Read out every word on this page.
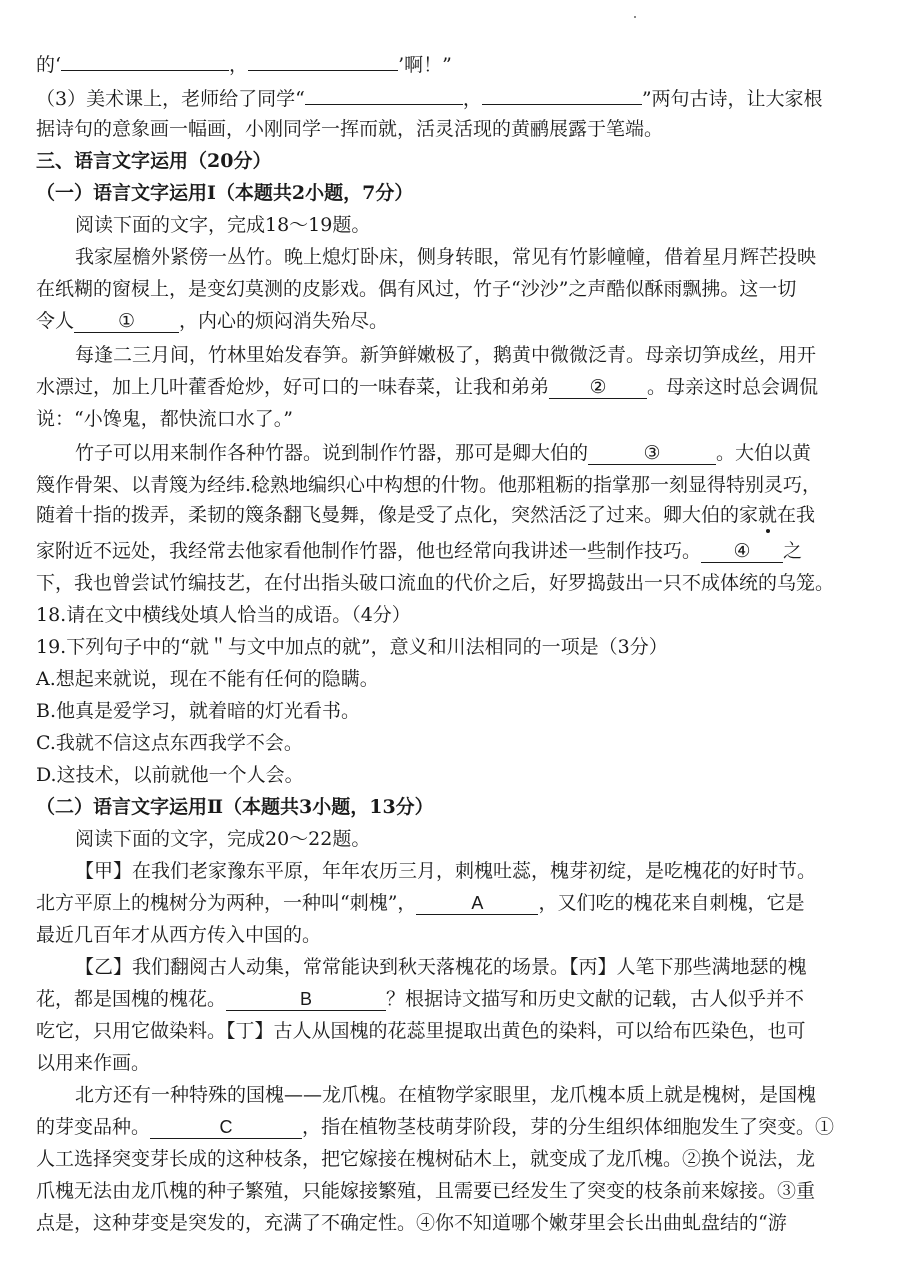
的‘	，	’啊！”
（3）美术课上，老师给了同学“	，	”两句古诗，让大家根
据诗句的意象画一幅画，小刚同学一挥而就，活灵活现的黄鹂展露于笔端。
三、语言文字运用（20分）
（一）语言文字运用Ⅰ（本题共2小题，7分）
阅读下面的文字，完成18～19题。
我家屋檐外紧傍一丛竹。晚上熄灯卧床，侧身转眼，常见有竹影幢幢，借着星月辉芒投映
在纸糊的窗棂上，是变幻莫测的皮影戏。偶有风过，竹子“沙沙”之声酷似酥雨飘拂。这一切
令人 ① ，内心的烦闷消失殆尽。
每逢二三月间，竹林里始发春笋。新笋鲜嫩极了，鹅黄中微微泛青。母亲切笋成丝，用开
水漂过，加上几叶藿香炝炒，好可口的一味春菜，让我和弟弟 ② 。母亲这时总会调侃
说：“小馋鬼，都快流口水了。”
竹子可以用来制作各种竹器。说到制作竹器，那可是卿大伯的	③	。大伯以黄
篾作骨架、以青篾为经纬.稔熟地编织心中构想的什物。他那粗粝的指掌那一刻显得特别灵巧，
随着十指的拨弄，柔韧的篾条翻飞曼舞，像是受了点化，突然活泛了过来。卿大伯的家就在我
家附近不远处，我经常去他家看他制作竹器，他也经常向我讲述一些制作技巧。 ④ 之
下，我也曾尝试竹编技艺，在付出指头破口流血的代价之后，好罗捣鼓出一只不成体统的乌笼。
18.请在文中横线处填人恰当的成语。（4分）
19.下列句子中的“就＂与文中加点的就”，意义和川法相同的一项是（3分）
A.想起来就说，现在不能有任何的隐瞒。
B.他真是爱学习，就着暗的灯光看书。
C.我就不信这点东西我学不会。
D.这技术，以前就他一个人会。
（二）语言文字运用Ⅱ（本题共3小题，13分）
阅读下面的文字，完成20～22题。
【甲】在我们老家豫东平原，年年农历三月，刺槐吐蕊，槐芽初绽，是吃槐花的好时节。
北方平原上的槐树分为两种，一种叫“刺槐”，	A	，又们吃的槐花来自刺槐，它是
最近几百年才从西方传入中国的。
【乙】我们翻阅古人动集，常常能诀到秋天落槐花的场景。【丙】人笔下那些满地瑟的槐
花，都是国槐的槐花。	B	？根据诗文描写和历史文献的记载，古人似乎并不
吃它，只用它做染料。【丁】古人从国槐的花蕊里提取出黄色的染料，可以给布匹染色，也可
以用来作画。
北方还有一种特殊的国槐——龙爪槐。在植物学家眼里，龙爪槐本质上就是槐树，是国槐
的芽变品种。	C	，指在植物茎枝萌芽阶段，芽的分生组织体细胞发生了突变。①
人工选择突变芽长成的这种枝条，把它嫁接在槐树砧木上，就变成了龙爪槐。②换个说法，龙
爪槐无法由龙爪槐的种子繁殖，只能嫁接繁殖，且需要已经发生了突变的枝条前来嫁接。③重
点是，这种芽变是突发的，充满了不确定性。④你不知道哪个嫩芽里会长出曲虬盘结的“游
